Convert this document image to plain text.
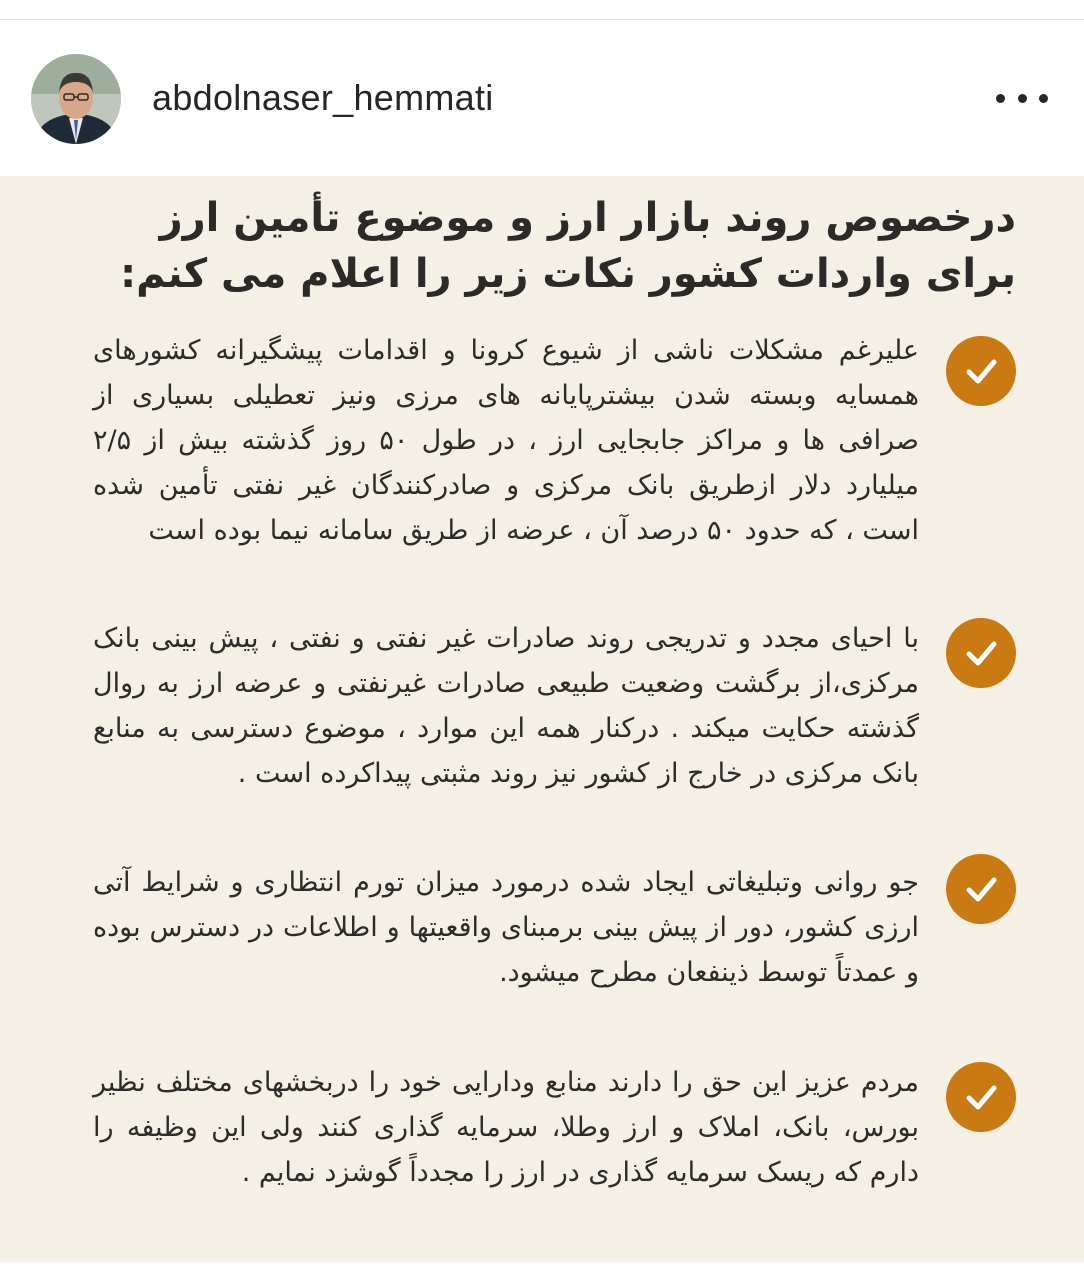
abdolnaser_hemmati
درخصوص روند بازار ارز و موضوع تأمین ارز برای واردات کشور نکات زیر را اعلام می کنم:
علیرغم مشکلات ناشی از شیوع کرونا و اقدامات پیشگیرانه کشورهای همسایه وبسته شدن بیشترپایانه های مرزی ونیز تعطیلی بسیاری از صرافی ها و مراکز جابجایی ارز ، در طول ۵۰ روز گذشته بیش از ۲/۵ میلیارد دلار ازطریق بانک مرکزی و صادرکنندگان غیر نفتی تأمین شده است ، که حدود ۵۰ درصد آن ، عرضه از طریق سامانه نیما بوده است
با احیای مجدد و تدریجی روند صادرات غیر نفتی و نفتی ، پیش بینی بانک مرکزی،از برگشت وضعیت طبیعی صادرات غیرنفتی و عرضه ارز به روال گذشته حکایت میکند . درکنار همه این موارد ، موضوع دسترسی به منابع بانک مرکزی در خارج از کشور نیز روند مثبتی پیداکرده است .
جو روانی وتبلیغاتی ایجاد شده درمورد میزان تورم انتظاری و شرایط آتی ارزی کشور، دور از پیش بینی برمبنای واقعیتها و اطلاعات در دسترس بوده و عمدتاً توسط ذینفعان مطرح میشود.
مردم عزیز این حق را دارند منابع ودارایی خود را دربخشهای مختلف نظیر بورس، بانک، املاک و ارز وطلا، سرمایه گذاری کنند ولی این وظیفه را دارم که ریسک سرمایه گذاری در ارز را مجدداً گوشزد نمایم .
